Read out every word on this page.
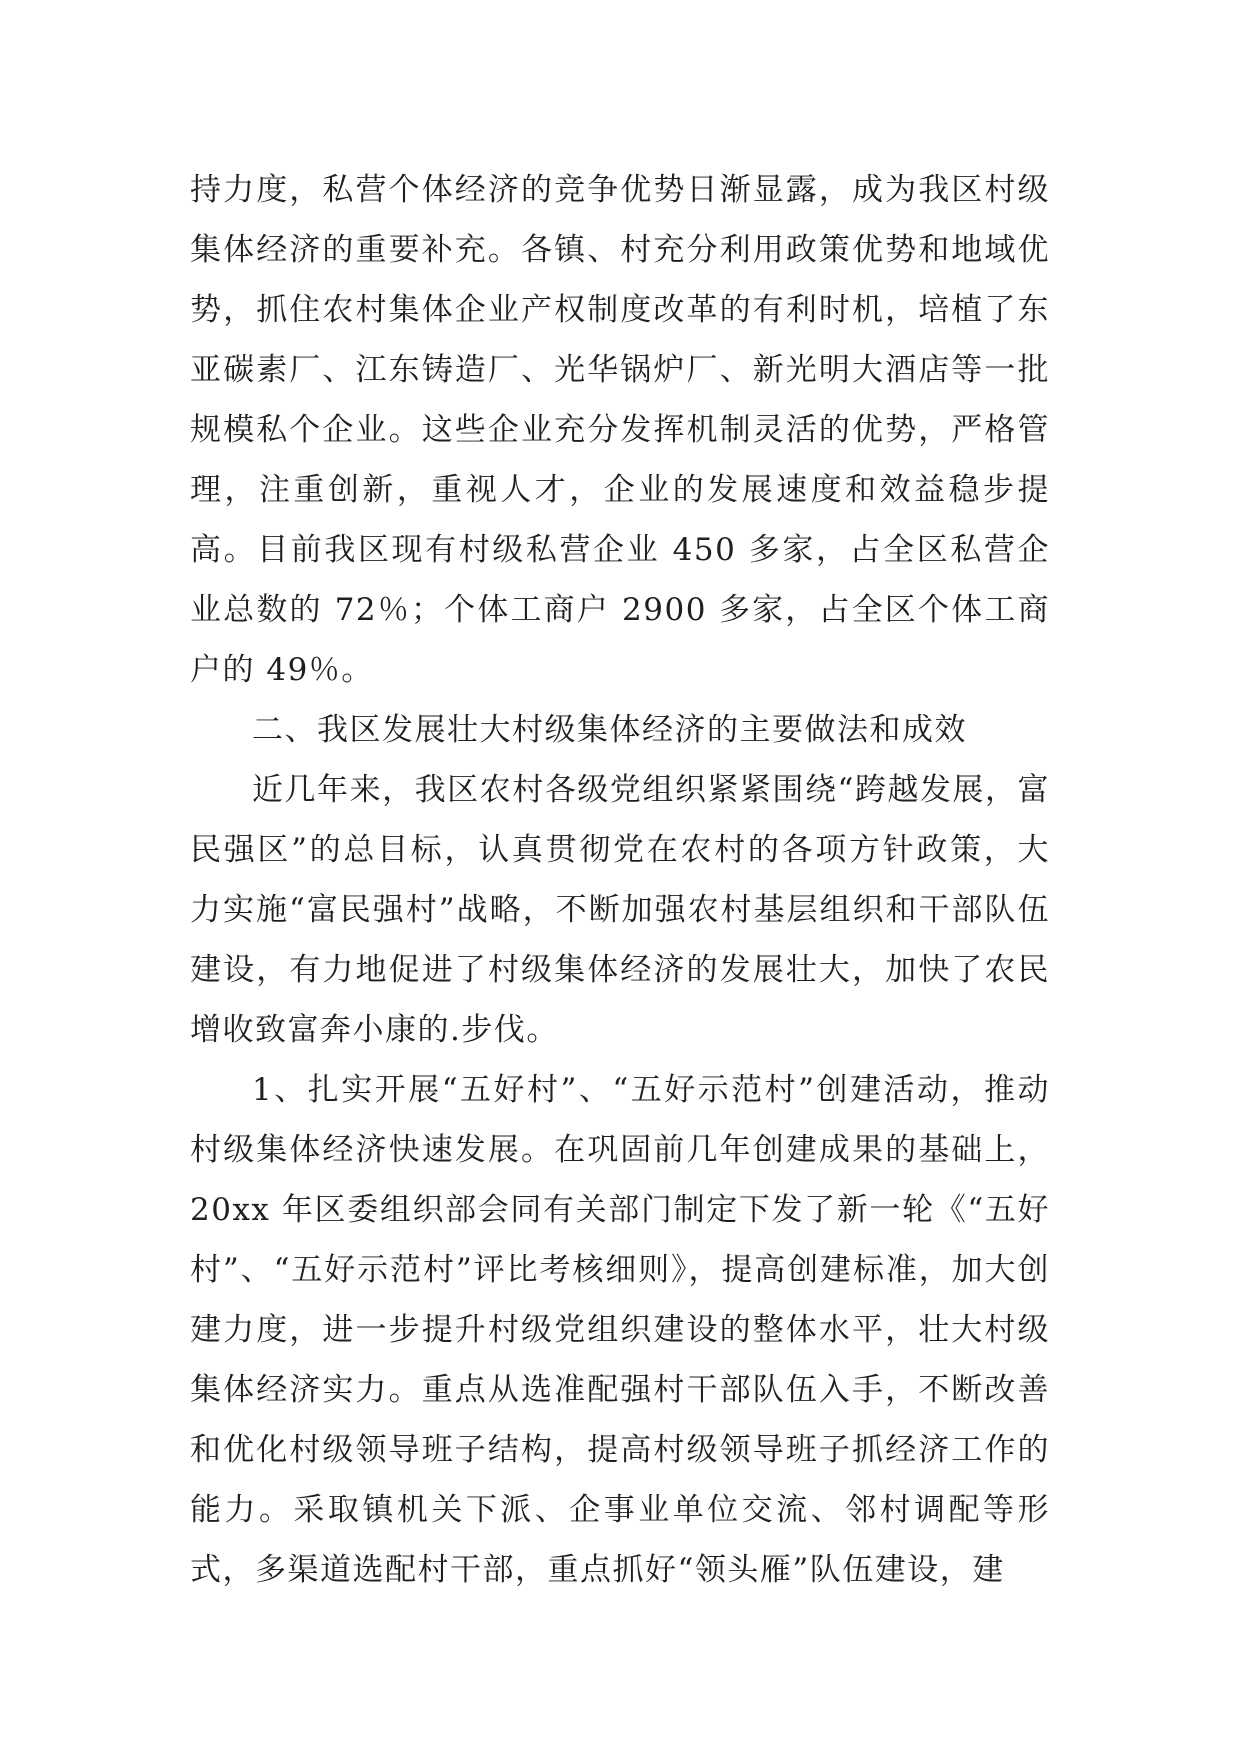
持力度，私营个体经济的竞争优势日渐显露，成为我区村级集体经济的重要补充。各镇、村充分利用政策优势和地域优势，抓住农村集体企业产权制度改革的有利时机，培植了东亚碳素厂、江东铸造厂、光华锅炉厂、新光明大酒店等一批规模私个企业。这些企业充分发挥机制灵活的优势，严格管理，注重创新，重视人才，企业的发展速度和效益稳步提高。目前我区现有村级私营企业 450 多家，占全区私营企业总数的 72％；个体工商户 2900 多家，占全区个体工商户的 49％。

二、我区发展壮大村级集体经济的主要做法和成效

近几年来，我区农村各级党组织紧紧围绕“跨越发展，富民强区”的总目标，认真贯彻党在农村的各项方针政策，大力实施“富民强村”战略，不断加强农村基层组织和干部队伍建设，有力地促进了村级集体经济的发展壮大，加快了农民增收致富奔小康的.步伐。

1、扎实开展“五好村”、“五好示范村”创建活动，推动村级集体经济快速发展。在巩固前几年创建成果的基础上，20xx 年区委组织部会同有关部门制定下发了新一轮《“五好村”、“五好示范村”评比考核细则》，提高创建标准，加大创建力度，进一步提升村级党组织建设的整体水平，壮大村级集体经济实力。重点从选准配强村干部队伍入手，不断改善和优化村级领导班子结构，提高村级领导班子抓经济工作的能力。采取镇机关下派、企事业单位交流、邻村调配等形式，多渠道选配村干部，重点抓好“领头雁”队伍建设，建
